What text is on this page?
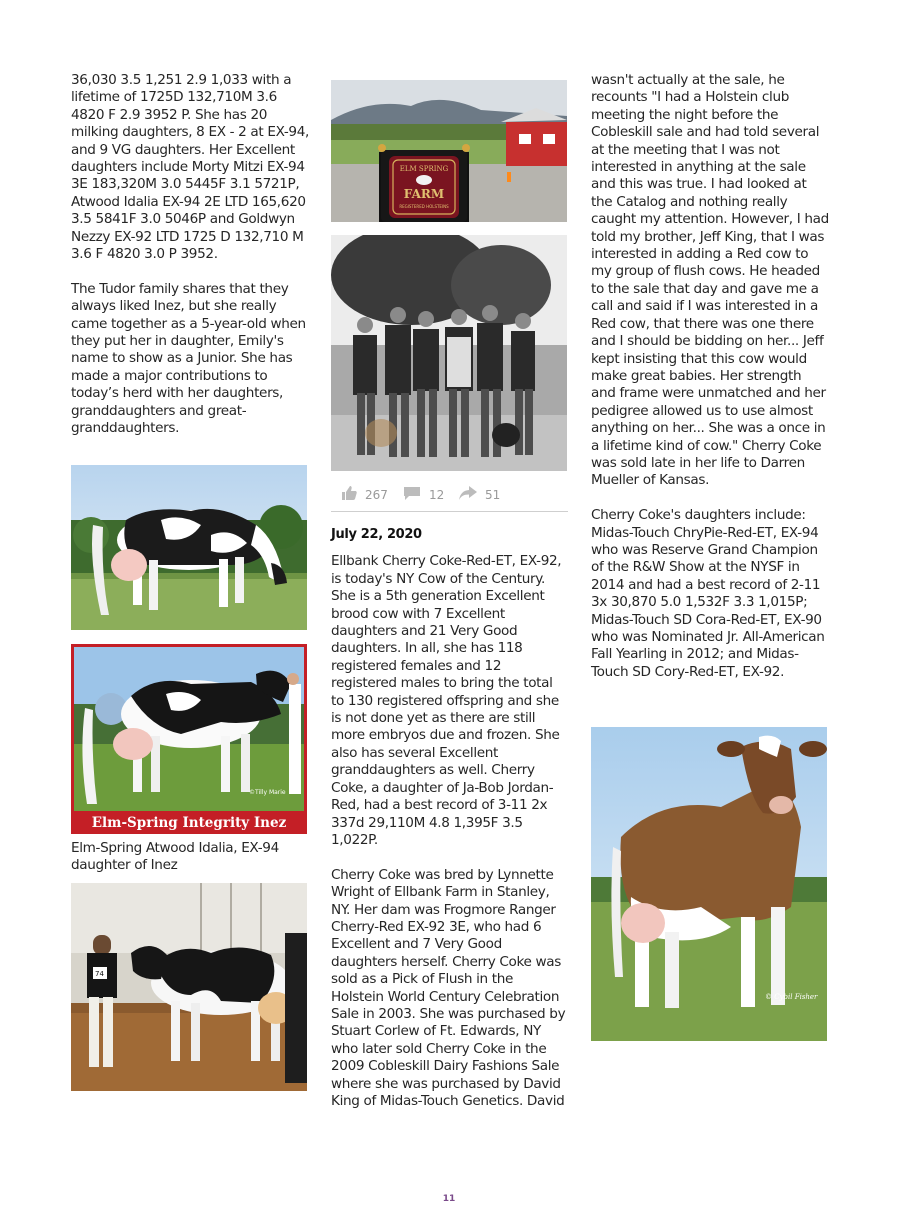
36,030 3.5 1,251 2.9 1,033 with a lifetime of 1725D 132,710M 3.6 4820 F 2.9 3952 P. She has 20 milking daughters, 8 EX - 2 at EX-94, and 9 VG daughters. Her Excellent daughters include Morty Mitzi EX-94 3E 183,320M 3.0 5445F 3.1 5721P, Atwood Idalia EX-94 2E LTD 165,620 3.5 5841F 3.0 5046P and Goldwyn Nezzy EX-92 LTD 1725 D 132,710 M 3.6 F 4820 3.0 P 3952.

The Tudor family shares that they always liked Inez, but she really came together as a 5-year-old when they put her in daughter, Emily's name to show as a Junior. She has made a major contributions to today’s herd with her daughters, granddaughters and great-granddaughters.

©Tilly Marie
Elm-Spring Integrity Inez
Elm-Spring Atwood Idalia, EX-94 daughter of Inez
74
ELM SPRING
FARM
REGISTERED HOLSTEINS
267	12	51

July 22, 2020

Ellbank Cherry Coke-Red-ET, EX-92, is today's NY Cow of the Century. She is a 5th generation Excellent brood cow with 7 Excellent daughters and 21 Very Good daughters. In all, she has 118 registered females and 12 registered males to bring the total to 130 registered offspring and she is not done yet as there are still more embryos due and frozen. She also has several Excellent granddaughters as well. Cherry Coke, a daughter of Ja-Bob Jordan-Red, had a best record of 3-11 2x 337d 29,110M 4.8 1,395F 3.5 1,022P.

Cherry Coke was bred by Lynnette Wright of Ellbank Farm in Stanley, NY. Her dam was Frogmore Ranger Cherry-Red EX-92 3E, who had 6 Excellent and 7 Very Good daughters herself. Cherry Coke was sold as a Pick of Flush in the Holstein World Century Celebration Sale in 2003. She was purchased by Stuart Corlew of Ft. Edwards, NY who later sold Cherry Coke in the 2009 Cobleskill Dairy Fashions Sale where she was purchased by David King of Midas-Touch Genetics. David

wasn't actually at the sale, he recounts "I had a Holstein club meeting the night before the Cobleskill sale and had told several at the meeting that I was not interested in anything at the sale and this was true. I had looked at the Catalog and nothing really caught my attention. However, I had told my brother, Jeff King, that I was interested in adding a Red cow to my group of flush cows. He headed to the sale that day and gave me a call and said if I was interested in a Red cow, that there was one there and I should be bidding on her... Jeff kept insisting that this cow would make great babies. Her strength and frame were unmatched and her pedigree allowed us to use almost anything on her... She was a once in a lifetime kind of cow." Cherry Coke was sold late in her life to Darren Mueller of Kansas.

Cherry Coke's daughters include: Midas-Touch ChryPie-Red-ET, EX-94 who was Reserve Grand Champion of the R&W Show at the NYSF in 2014 and had a best record of 2-11 3x 30,870 5.0 1,532F 3.3 1,015P; Midas-Touch SD Cora-Red-ET, EX-90 who was Nominated Jr. All-American Fall Yearling in 2012; and Midas-Touch SD Cory-Red-ET, EX-92.

© Cybil Fisher
11
